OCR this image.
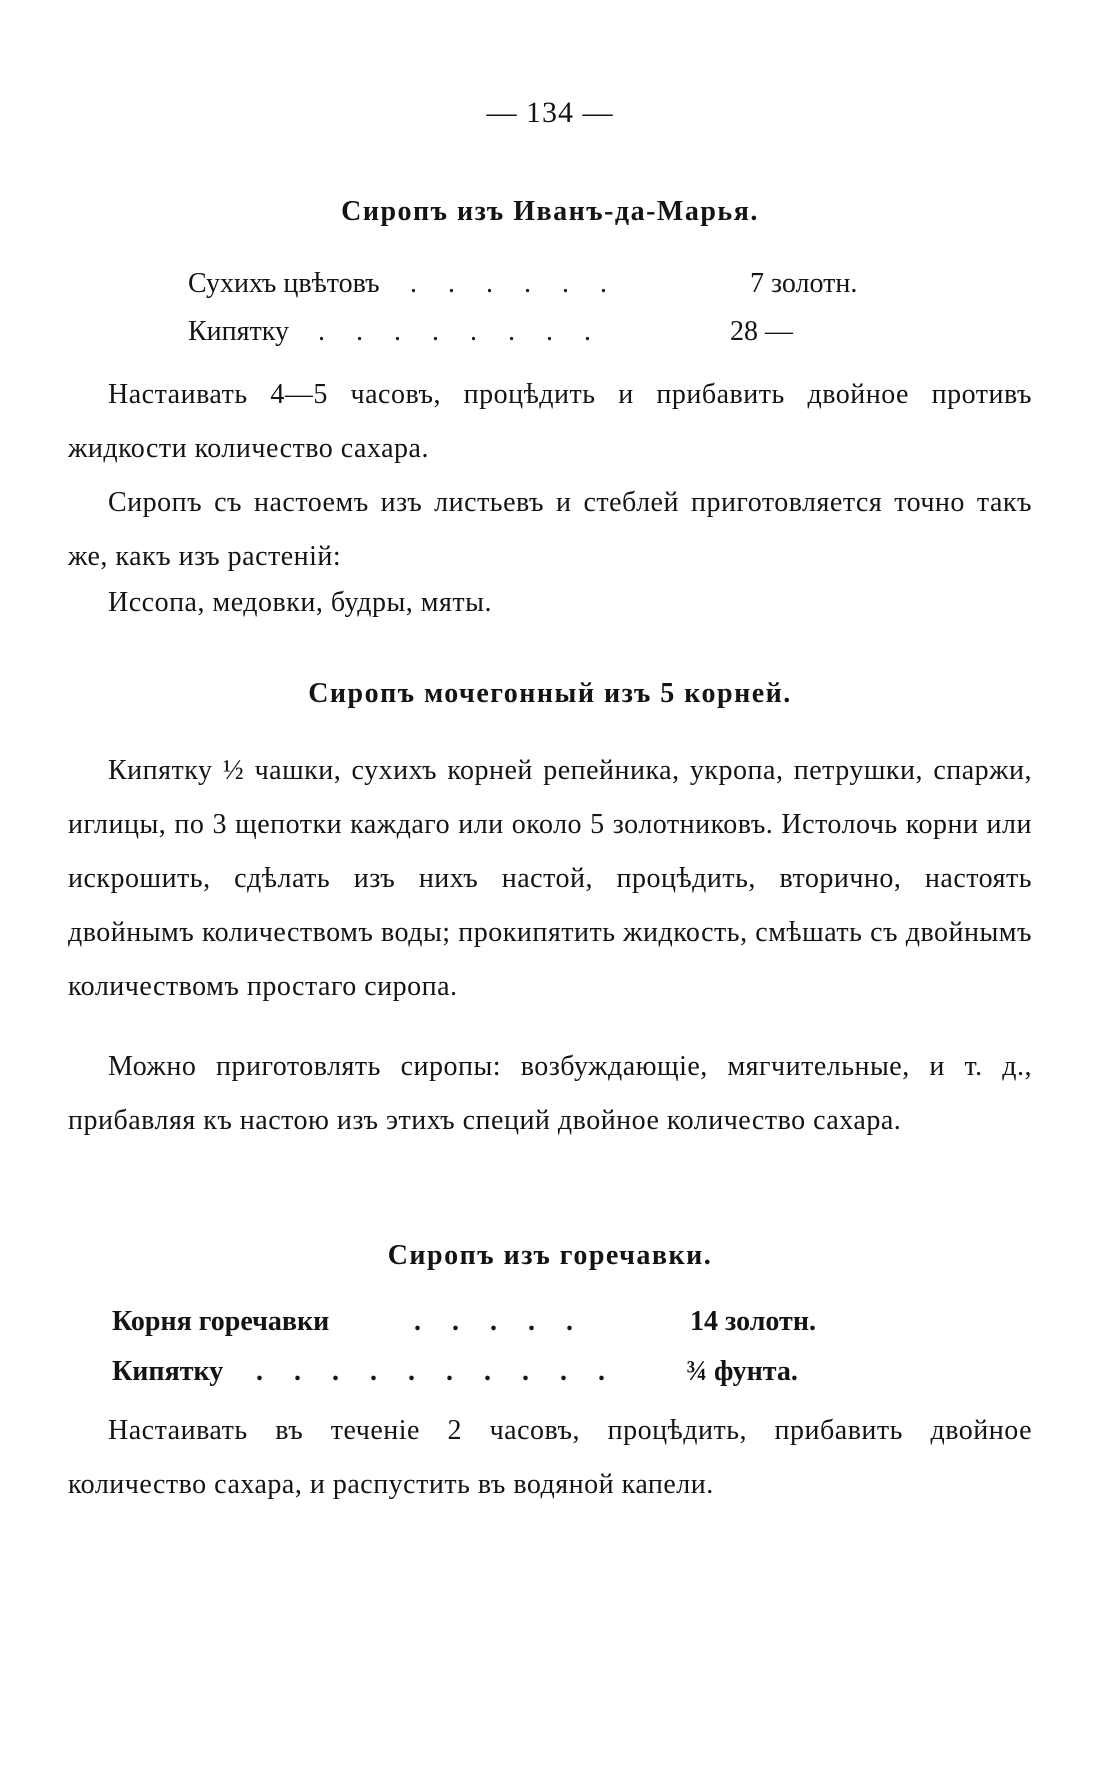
— 134 —
Сиропъ изъ Иванъ-да-Марья.
Сухихъ цвѣтовъ . . . . . .	7 золотн.
Кипятку . . . . . . . .	28 —

Настаивать 4—5 часовъ, процѣдить и прибавить двойное противъ жидкости количество сахара.

Сиропъ съ настоемъ изъ листьевъ и стеблей приготовляется точно такъ же, какъ изъ растеній:

Иссопа, медовки, будры, мяты.

Сиропъ мочегонный изъ 5 корней.

Кипятку ½ чашки, сухихъ корней репейника, укропа, петрушки, спаржи, иглицы, по 3 щепотки каждаго или около 5 золотниковъ. Истолочь корни или искрошить, сдѣлать изъ нихъ настой, процѣдить, вторично, настоять двойнымъ количествомъ воды; прокипятить жидкость, смѣшать съ двойнымъ количествомъ простаго сиропа.

Можно приготовлять сиропы: возбуждающіе, мягчительные, и т. д., прибавляя къ настою изъ этихъ специй двойное количество сахара.

Сиропъ изъ горечавки.
Корня горечавки	. . . . .	14 золотн.
Кипятку . . . . . . . . . . ¾ фунта.

Настаивать въ теченіе 2 часовъ, процѣдить, прибавить двойное количество сахара, и распустить въ водяной капели.
